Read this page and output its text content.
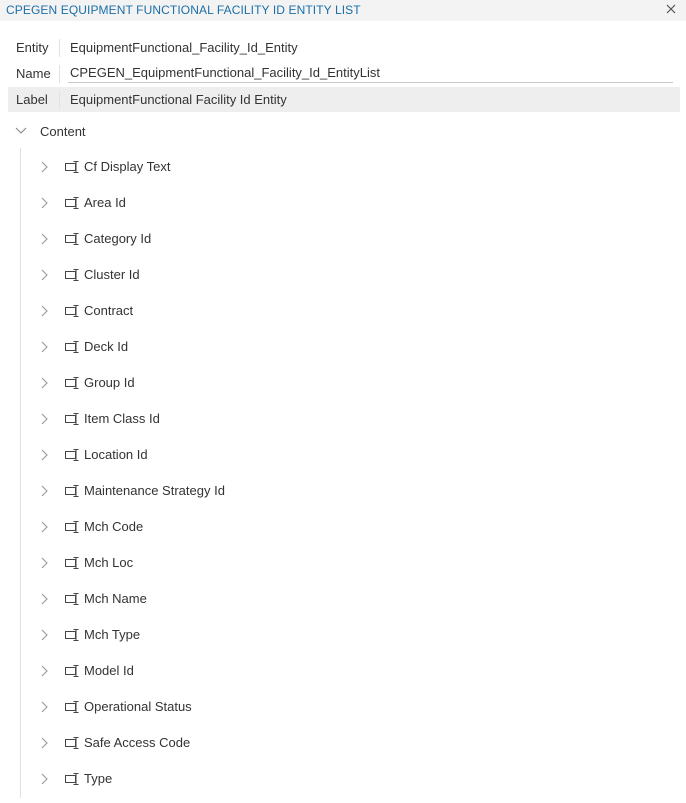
CPEGEN EQUIPMENT FUNCTIONAL FACILITY ID ENTITY LIST
Entity EquipmentFunctional_Facility_Id_Entity
Name
CPEGEN_EquipmentFunctional_Facility_Id_EntityList
Label EquipmentFunctional Facility Id Entity
Content
Cf Display Text
Area Id
Category Id
Cluster Id
Contract
Deck Id
Group Id
Item Class Id
Location Id
Maintenance Strategy Id
Mch Code
Mch Loc
Mch Name
Mch Type
Model Id
Operational Status
Safe Access Code
Type
